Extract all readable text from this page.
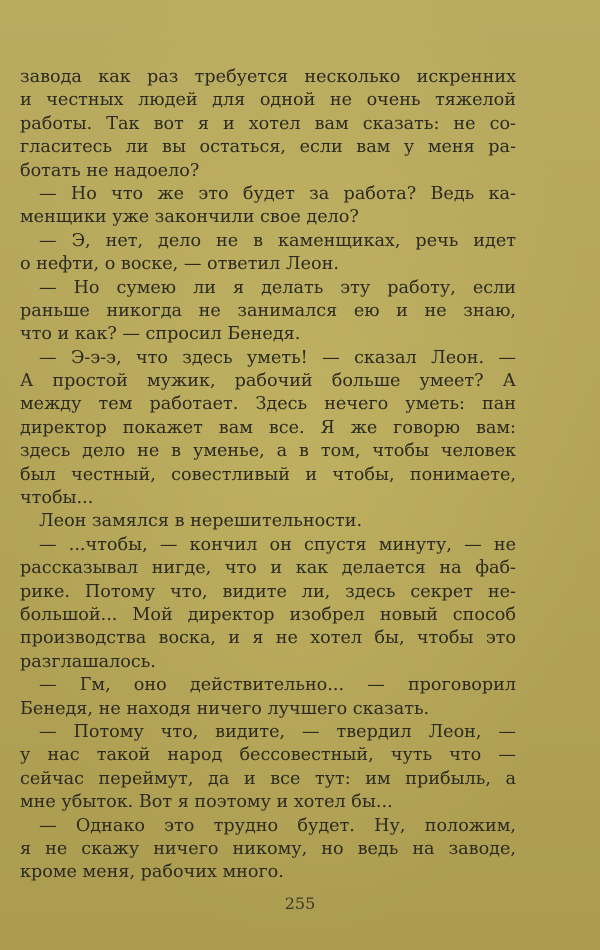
завода как раз требуется несколько искренних
и честных людей для одной не очень тяжелой
работы. Так вот я и хотел вам сказать: не со-
гласитесь ли вы остаться, если вам у меня ра-
ботать не надоело?
— Но что же это будет за работа? Ведь ка-
менщики уже закончили свое дело?
— Э, нет, дело не в каменщиках, речь идет
о нефти, о воске, — ответил Леон.
— Но сумею ли я делать эту работу, если
раньше никогда не занимался ею и не знаю,
что и как? — спросил Бенедя.
— Э-э-э, что здесь уметь! — сказал Леон. —
А простой мужик, рабочий больше умеет? А
между тем работает. Здесь нечего уметь: пан
директор покажет вам все. Я же говорю вам:
здесь дело не в уменье, а в том, чтобы человек
был честный, совестливый и чтобы, понимаете,
чтобы...
Леон замялся в нерешительности.
— ...чтобы, — кончил он спустя минуту, — не
рассказывал нигде, что и как делается на фаб-
рике. Потому что, видите ли, здесь секрет не-
большой... Мой директор изобрел новый способ
производства воска, и я не хотел бы, чтобы это
разглашалось.
— Гм, оно действительно... — проговорил
Бенедя, не находя ничего лучшего сказать.
— Потому что, видите, — твердил Леон, —
у нас такой народ бессовестный, чуть что —
сейчас переймут, да и все тут: им прибыль, а
мне убыток. Вот я поэтому и хотел бы...
— Однако это трудно будет. Ну, положим,
я не скажу ничего никому, но ведь на заводе,
кроме меня, рабочих много.
255
